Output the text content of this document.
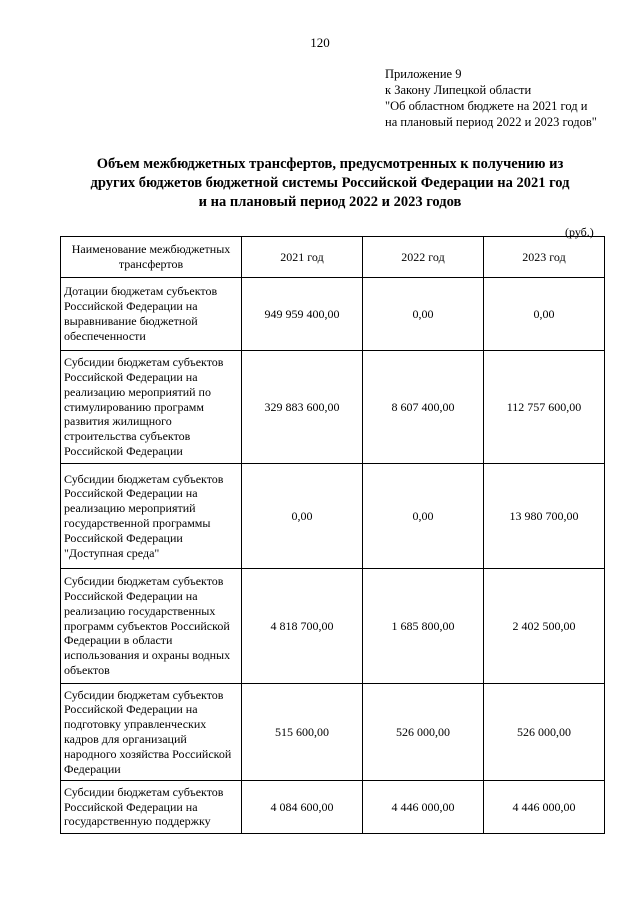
120
Приложение 9
к Закону Липецкой области
"Об областном бюджете на 2021 год и
на плановый период 2022 и 2023 годов"
Объем межбюджетных трансфертов, предусмотренных к получению из
других бюджетов бюджетной системы Российской Федерации на 2021 год
и на плановый период 2022 и 2023 годов
(руб.)
Наименование межбюджетных трансфертов	2021 год	2022 год	2023 год
Дотации бюджетам субъектов Российской Федерации на выравнивание бюджетной обеспеченности	949 959 400,00	0,00	0,00
Субсидии бюджетам субъектов Российской Федерации на реализацию мероприятий по стимулированию программ развития жилищного строительства субъектов Российской Федерации	329 883 600,00	8 607 400,00	112 757 600,00
Субсидии бюджетам субъектов Российской Федерации на реализацию мероприятий государственной программы Российской Федерации "Доступная среда"	0,00	0,00	13 980 700,00
Субсидии бюджетам субъектов Российской Федерации на реализацию государственных программ субъектов Российской Федерации в области использования и охраны водных объектов	4 818 700,00	1 685 800,00	2 402 500,00
Субсидии бюджетам субъектов Российской Федерации на подготовку управленческих кадров для организаций народного хозяйства Российской Федерации	515 600,00	526 000,00	526 000,00
Субсидии бюджетам субъектов Российской Федерации на государственную поддержку	4 084 600,00	4 446 000,00	4 446 000,00
